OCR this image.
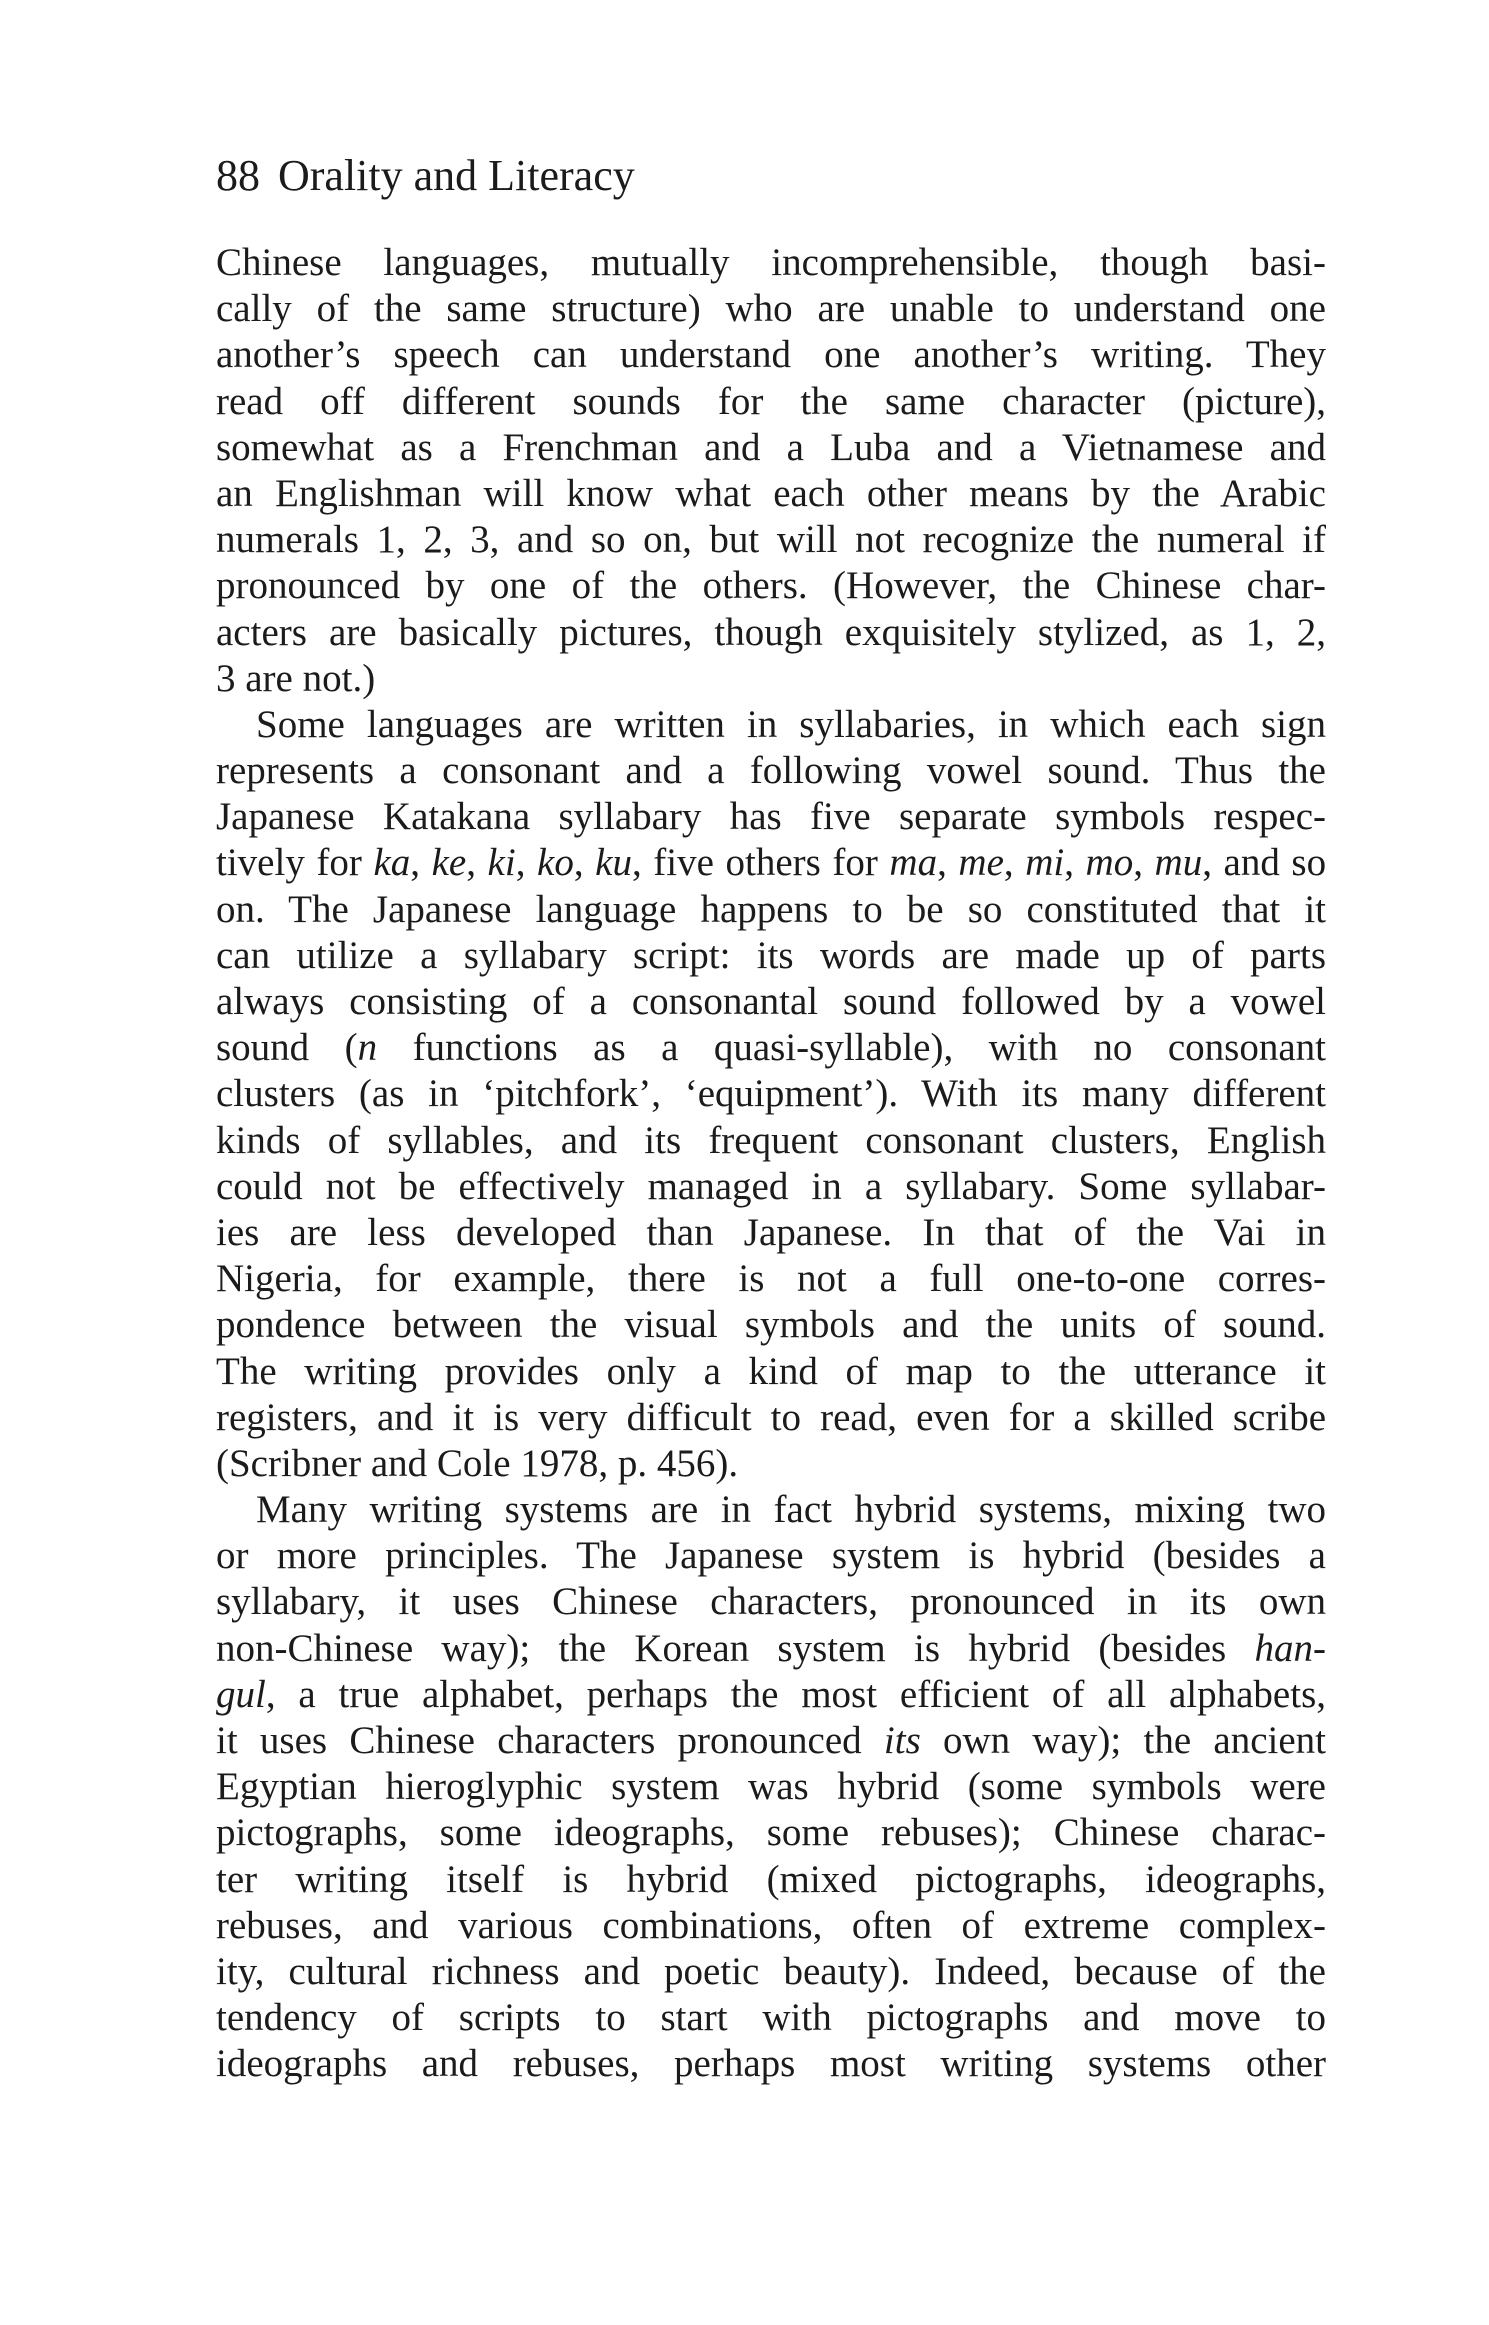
88 Orality and Literacy
Chinese languages, mutually incomprehensible, though basi-
cally of the same structure) who are unable to understand one
another’s speech can understand one another’s writing. They
read off different sounds for the same character (picture),
somewhat as a Frenchman and a Luba and a Vietnamese and
an Englishman will know what each other means by the Arabic
numerals 1, 2, 3, and so on, but will not recognize the numeral if
pronounced by one of the others. (However, the Chinese char-
acters are basically pictures, though exquisitely stylized, as 1, 2,
3 are not.)
Some languages are written in syllabaries, in which each sign
represents a consonant and a following vowel sound. Thus the
Japanese Katakana syllabary has five separate symbols respec-
tively for ka, ke, ki, ko, ku, five others for ma, me, mi, mo, mu, and so
on. The Japanese language happens to be so constituted that it
can utilize a syllabary script: its words are made up of parts
always consisting of a consonantal sound followed by a vowel
sound (n functions as a quasi-syllable), with no consonant
clusters (as in ‘pitchfork’, ‘equipment’). With its many different
kinds of syllables, and its frequent consonant clusters, English
could not be effectively managed in a syllabary. Some syllabar-
ies are less developed than Japanese. In that of the Vai in
Nigeria, for example, there is not a full one-to-one corres-
pondence between the visual symbols and the units of sound.
The writing provides only a kind of map to the utterance it
registers, and it is very difficult to read, even for a skilled scribe
(Scribner and Cole 1978, p. 456).
Many writing systems are in fact hybrid systems, mixing two
or more principles. The Japanese system is hybrid (besides a
syllabary, it uses Chinese characters, pronounced in its own
non-Chinese way); the Korean system is hybrid (besides han-
gul, a true alphabet, perhaps the most efficient of all alphabets,
it uses Chinese characters pronounced its own way); the ancient
Egyptian hieroglyphic system was hybrid (some symbols were
pictographs, some ideographs, some rebuses); Chinese charac-
ter writing itself is hybrid (mixed pictographs, ideographs,
rebuses, and various combinations, often of extreme complex-
ity, cultural richness and poetic beauty). Indeed, because of the
tendency of scripts to start with pictographs and move to
ideographs and rebuses, perhaps most writing systems other
